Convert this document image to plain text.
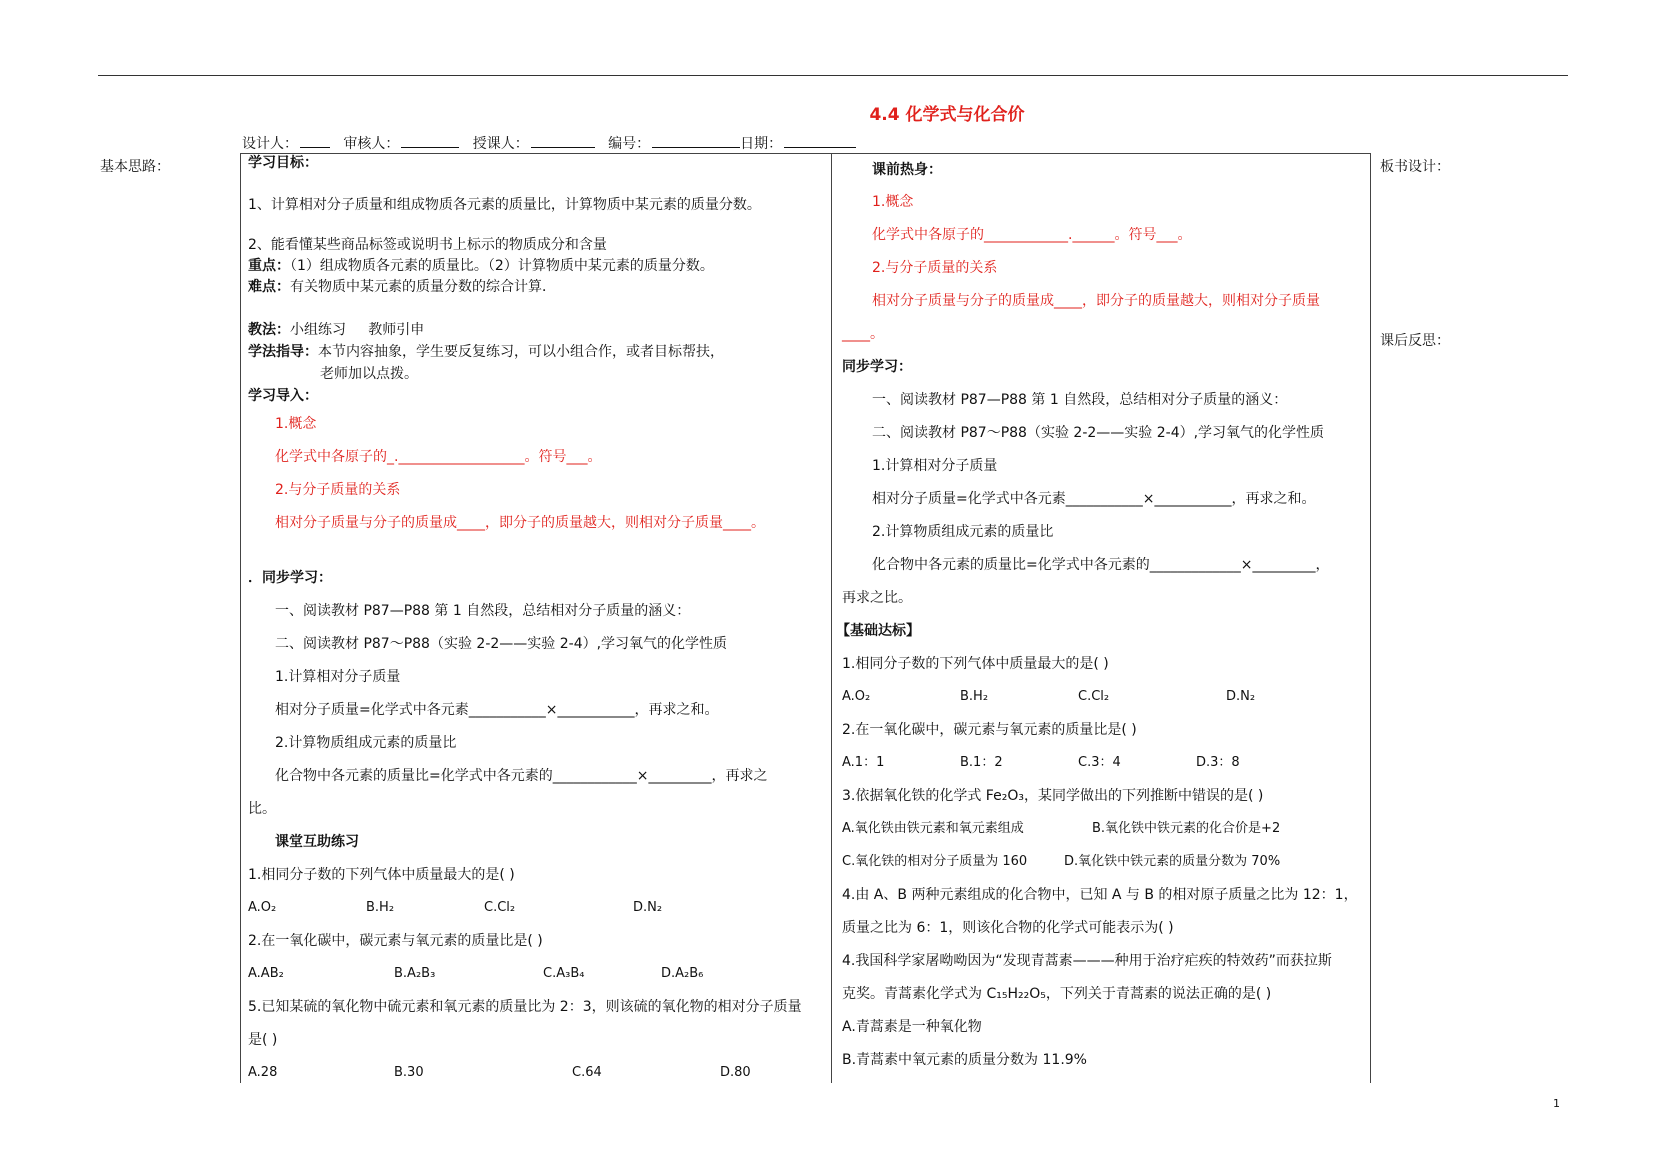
4.4 化学式与化合价
设计人：	审核人：	授课人：	编号：	日期：
基本思路：	板书设计：
课后反思：

学习目标：

1、计算相对分子质量和组成物质各元素的质量比，计算物质中某元素的质量分数。

2、能看懂某些商品标签或说明书上标示的物质成分和含量

重点：（1）组成物质各元素的质量比。（2）计算物质中某元素的质量分数。

难点：有关物质中某元素的质量分数的综合计算．

教法：小组练习     教师引申

学法指导：本节内容抽象，学生要反复练习，可以小组合作，或者目标帮扶，

老师加以点拨。

学习导入：

1.概念

化学式中各原子的_.__________________。符号___。

2.与分子质量的关系

相对分子质量与分子的质量成____，即分子的质量越大，则相对分子质量____。

．同步学习：

一、阅读教材 P87—P88 第 1 自然段，总结相对分子质量的涵义：

二、阅读教材 P87～P88（实验 2-2——实验 2-4）,学习氧气的化学性质

1.计算相对分子质量

相对分子质量=化学式中各元素___________×___________，再求之和。

2.计算物质组成元素的质量比

化合物中各元素的质量比=化学式中各元素的____________×_________，再求之

比。

课堂互助练习

1.相同分子数的下列气体中质量最大的是( )

A.O₂	B.H₂	C.Cl₂	D.N₂

2.在一氧化碳中，碳元素与氧元素的质量比是( )

A.AB₂	B.A₂B₃	C.A₃B₄	D.A₂B₆

5.已知某硫的氧化物中硫元素和氧元素的质量比为 2：3，则该硫的氧化物的相对分子质量

是( )

A.28	B.30	C.64	D.80

课前热身：

1.概念

化学式中各原子的____________.______。符号___。

2.与分子质量的关系

相对分子质量与分子的质量成____，即分子的质量越大，则相对分子质量

____。

同步学习：

一、阅读教材 P87—P88 第 1 自然段，总结相对分子质量的涵义：

二、阅读教材 P87～P88（实验 2-2——实验 2-4）,学习氧气的化学性质

1.计算相对分子质量

相对分子质量=化学式中各元素___________×___________，再求之和。

2.计算物质组成元素的质量比

化合物中各元素的质量比=化学式中各元素的_____________×_________，

再求之比。

【基础达标】

1.相同分子数的下列气体中质量最大的是( )

A.O₂	B.H₂	C.Cl₂	D.N₂

2.在一氧化碳中，碳元素与氧元素的质量比是( )

A.1：1	B.1：2	C.3：4	D.3：8

3.依据氧化铁的化学式 Fe₂O₃，某同学做出的下列推断中错误的是( )

A.氧化铁由铁元素和氧元素组成	B.氧化铁中铁元素的化合价是+2

C.氧化铁的相对分子质量为 160	D.氧化铁中铁元素的质量分数为 70%

4.由 A、B 两种元素组成的化合物中，已知 A 与 B 的相对原子质量之比为 12：1，

质量之比为 6：1，则该化合物的化学式可能表示为( )

4.我国科学家屠呦呦因为“发现青蒿素———种用于治疗疟疾的特效药”而获拉斯

克奖。青蒿素化学式为 C₁₅H₂₂O₅，下列关于青蒿素的说法正确的是( )

A.青蒿素是一种氧化物

B.青蒿素中氧元素的质量分数为 11.9%

1
